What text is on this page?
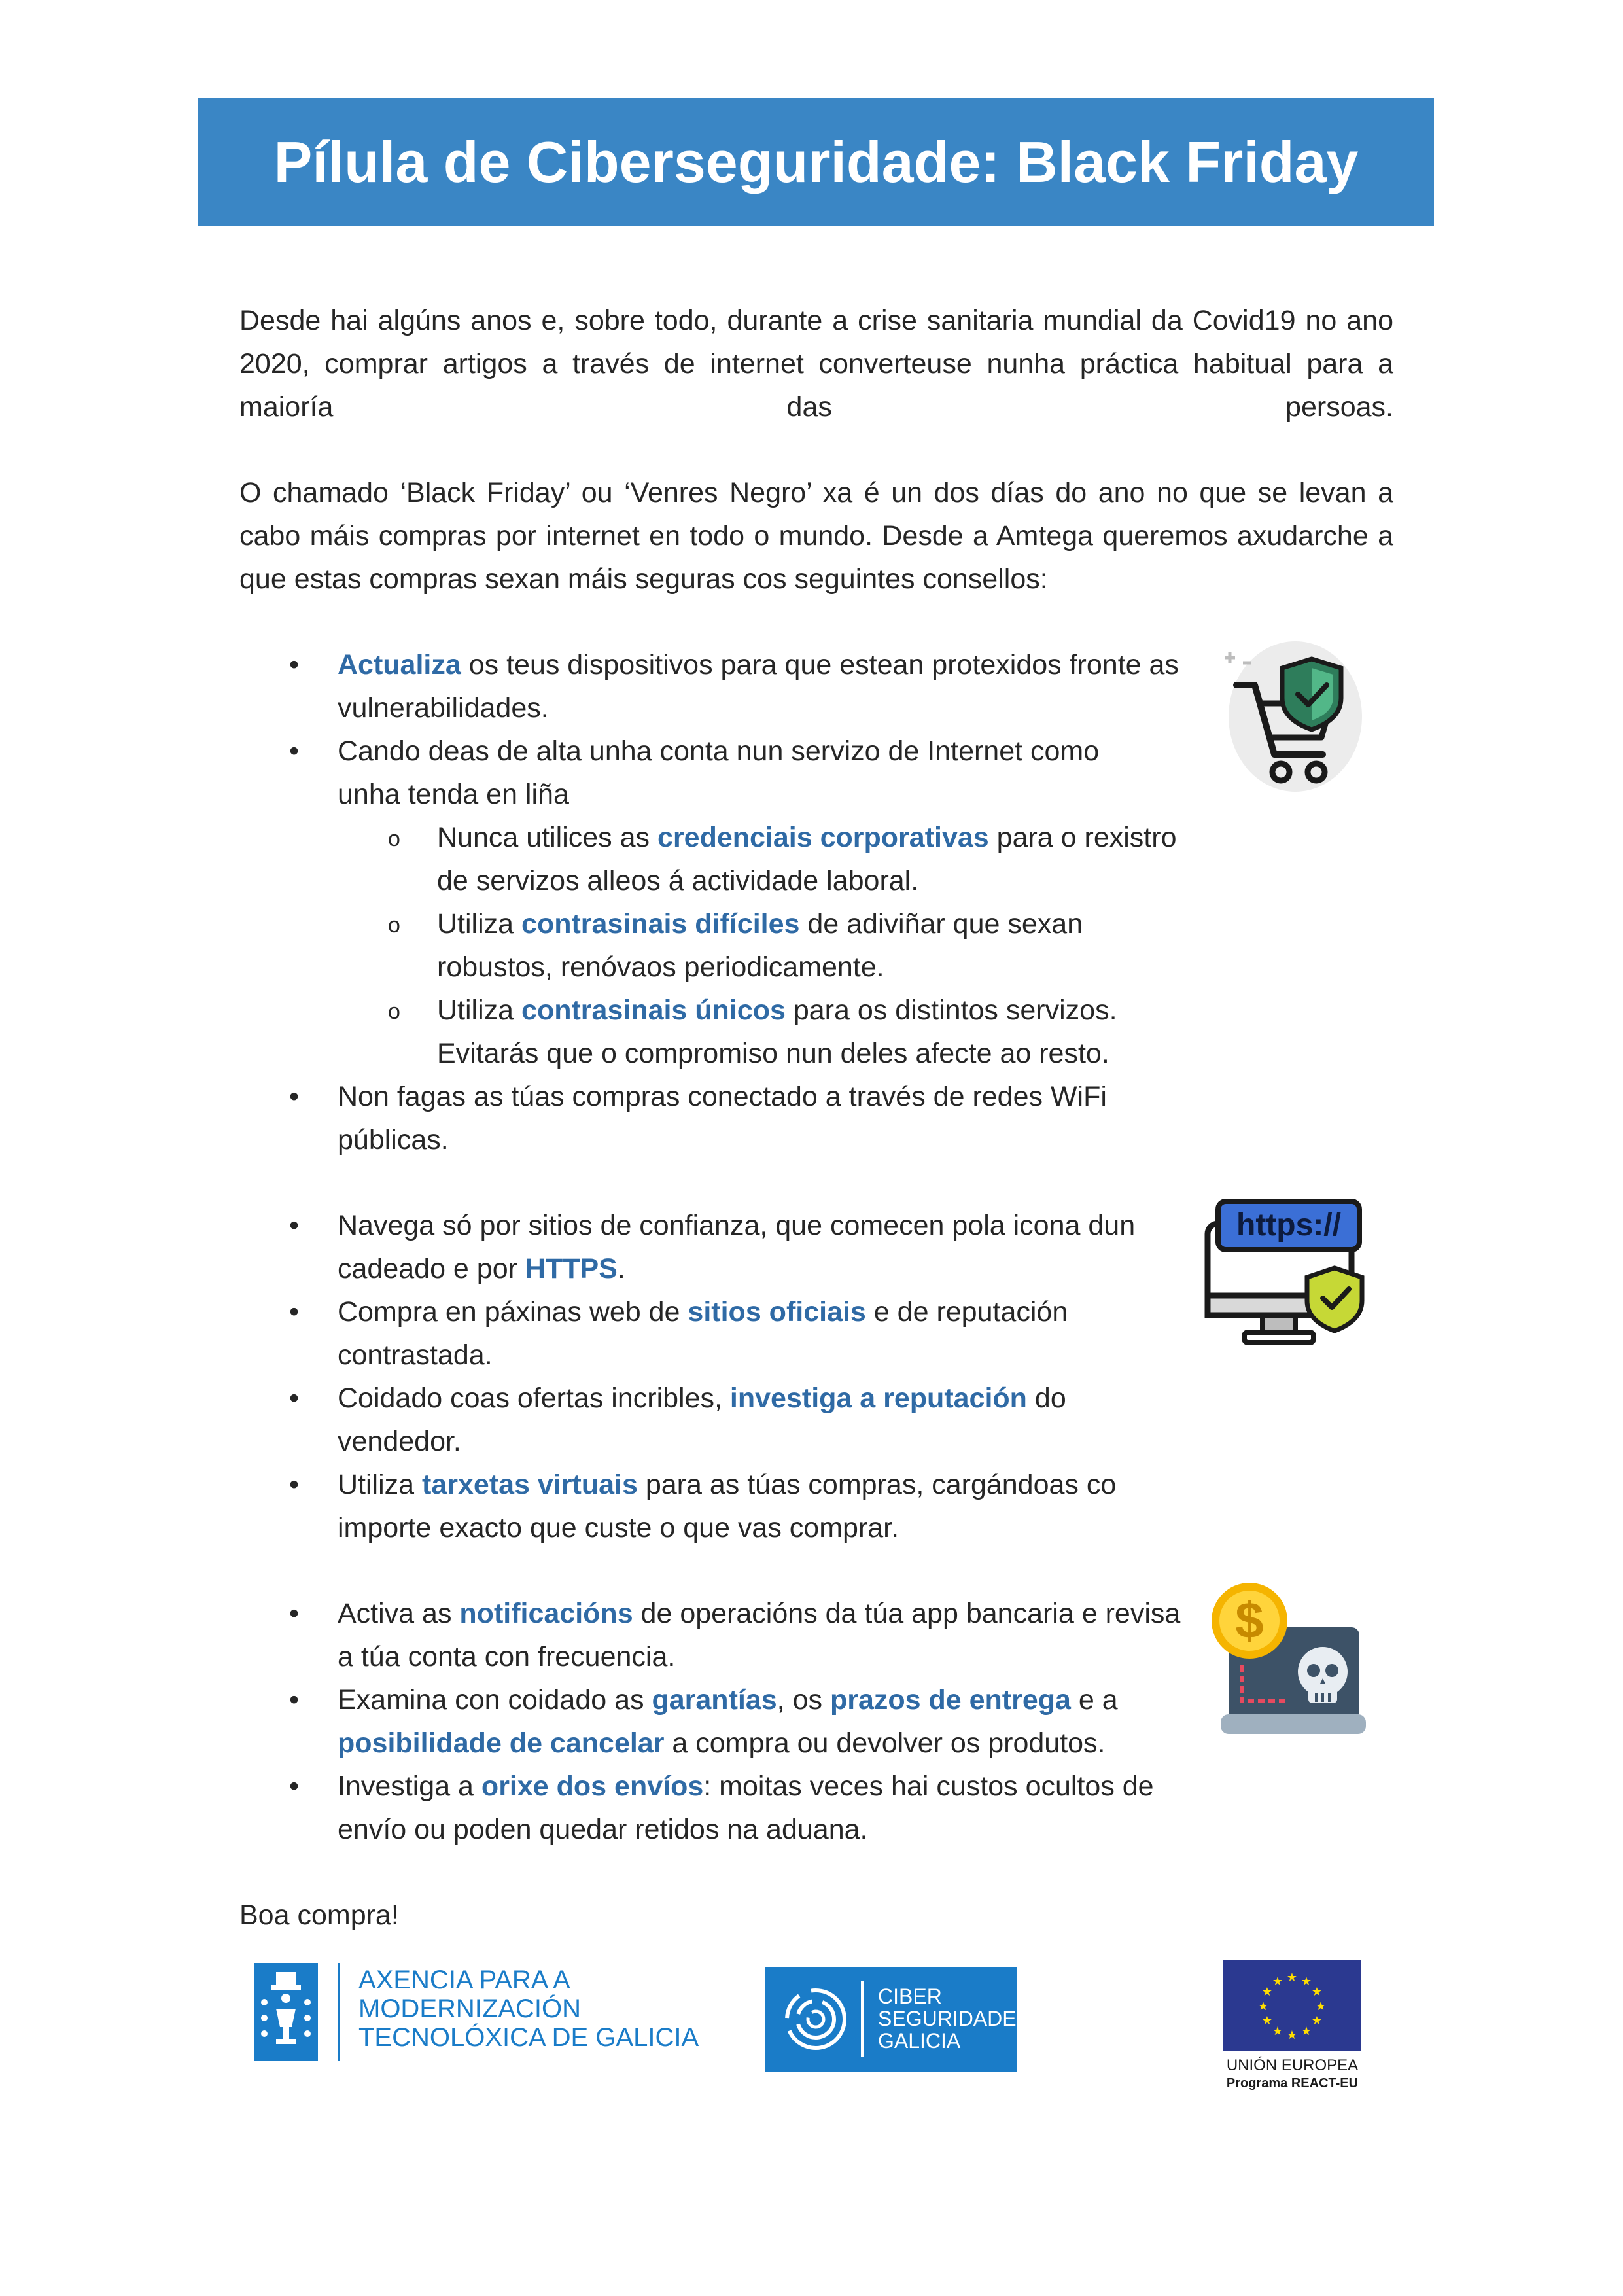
Pílula de Ciberseguridade: Black Friday
Desde hai algúns anos e, sobre todo, durante a crise sanitaria mundial da Covid19 no ano 2020, comprar artigos a través de internet converteuse nunha práctica habitual para a
maioría	das	persoas.

O chamado ‘Black Friday’ ou ‘Venres Negro’ xa é un dos días do ano no que se levan a cabo máis compras por internet en todo o mundo. Desde a Amtega queremos axudarche a que estas compras sexan máis seguras cos seguintes consellos:

• Actualiza os teus dispositivos para que estean protexidos fronte as vulnerabilidades.

• Cando deas de alta unha conta nun servizo de Internet como unha tenda en liña

o Nunca utilices as credenciais corporativas para o rexistro de servizos alleos á actividade laboral.

o Utiliza contrasinais difíciles de adiviñar que sexan robustos, renóvaos periodicamente.

o Utiliza contrasinais únicos para os distintos servizos. Evitarás que o compromiso nun deles afecte ao resto.

• Non fagas as túas compras conectado a través de redes WiFi públicas.

• Navega só por sitios de confianza, que comecen pola icona dun cadeado e por HTTPS.

• Compra en páxinas web de sitios oficiais e de reputación contrastada.

• Coidado coas ofertas incribles, investiga a reputación do vendedor.

• Utiliza tarxetas virtuais para as túas compras, cargándoas co importe exacto que custe o que vas comprar.

• Activa as notificacións de operacións da túa app bancaria e revisa a túa conta con frecuencia.

• Examina con coidado as garantías, os prazos de entrega e a posibilidade de cancelar a compra ou devolver os produtos.

• Investiga a orixe dos envíos: moitas veces hai custos ocultos de envío ou poden quedar retidos na aduana.

Boa compra!

https://
$
AXENCIA PARA A
MODERNIZACIÓN
TECNOLÓXICA DE GALICIA
CIBER
SEGURIDADE
GALICIA
★ ★
★
★
★
★
★
★
★
★
★
★
UNIÓN EUROPEA
Programa REACT-EU
